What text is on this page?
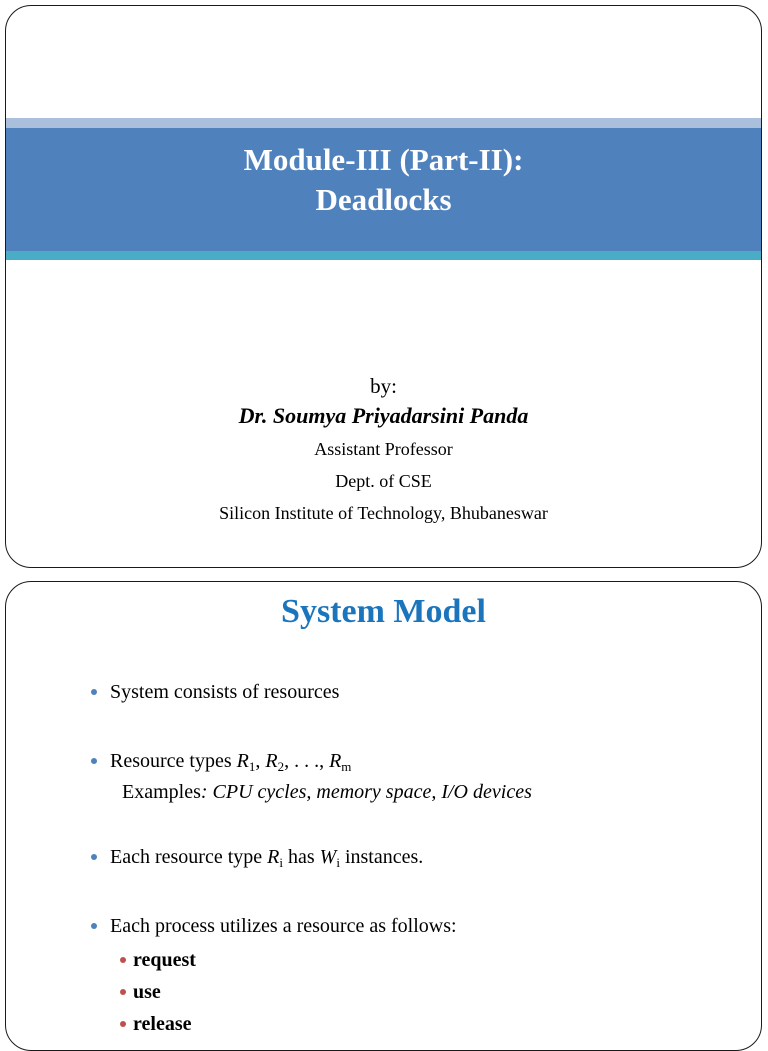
Module-III (Part-II):
Deadlocks
by:
Dr. Soumya Priyadarsini Panda
Assistant Professor
Dept. of CSE
Silicon Institute of Technology, Bhubaneswar
System Model
System consists of resources
Resource types $R_1$, $R_2$, . . ., $R_m$
Examples: CPU cycles, memory space, I/O devices
Each resource type $R_i$ has $W_i$ instances.
Each process utilizes a resource as follows:
request
use
release
